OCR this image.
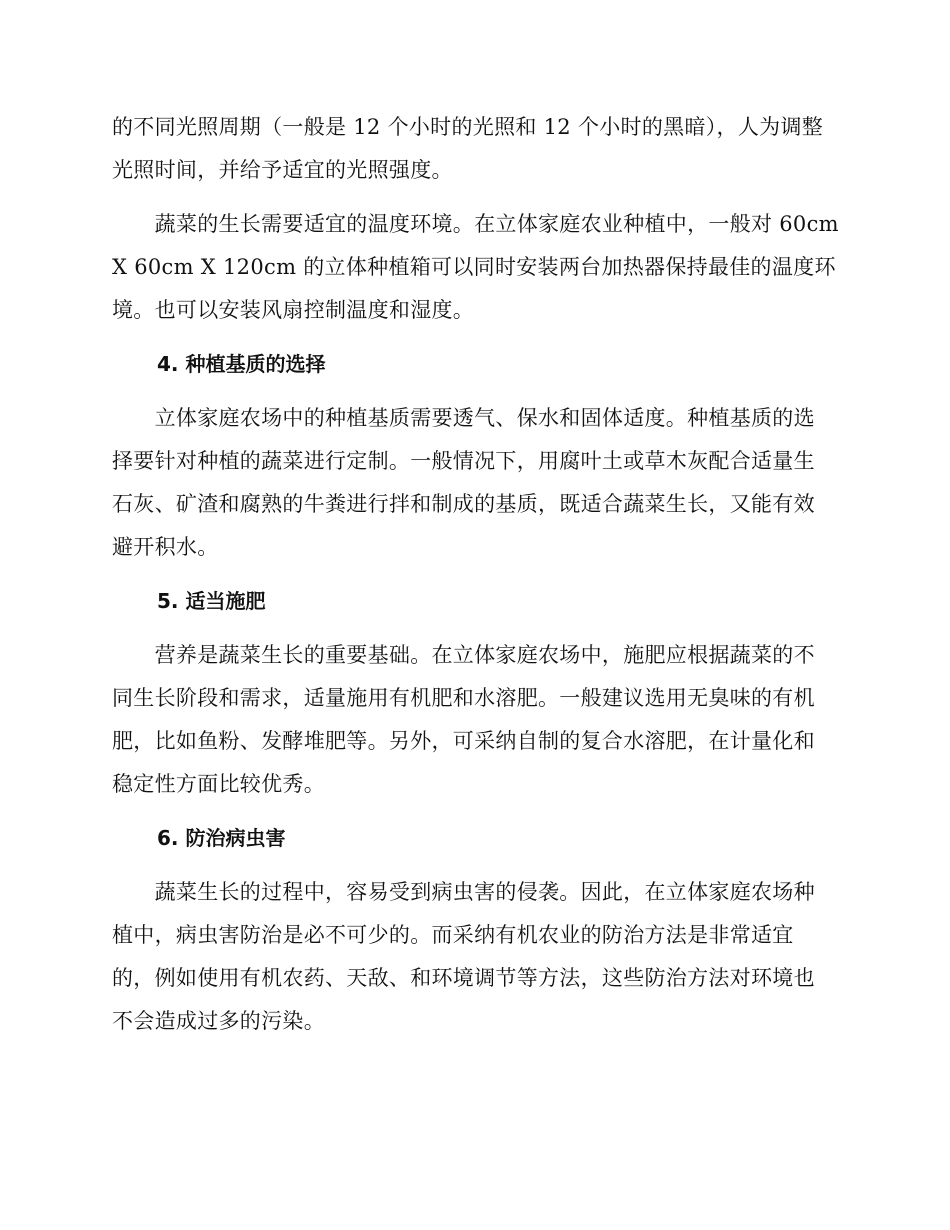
的不同光照周期（一般是 12 个小时的光照和 12 个小时的黑暗），人为调整
光照时间，并给予适宜的光照强度。
　　蔬菜的生长需要适宜的温度环境。在立体家庭农业种植中，一般对 60cm
X 60cm X 120cm 的立体种植箱可以同时安装两台加热器保持最佳的温度环
境。也可以安装风扇控制温度和湿度。
4. 种植基质的选择
　　立体家庭农场中的种植基质需要透气、保水和固体适度。种植基质的选
择要针对种植的蔬菜进行定制。一般情况下，用腐叶土或草木灰配合适量生
石灰、矿渣和腐熟的牛粪进行拌和制成的基质，既适合蔬菜生长，又能有效
避开积水。
5. 适当施肥
　　营养是蔬菜生长的重要基础。在立体家庭农场中，施肥应根据蔬菜的不
同生长阶段和需求，适量施用有机肥和水溶肥。一般建议选用无臭味的有机
肥，比如鱼粉、发酵堆肥等。另外，可采纳自制的复合水溶肥，在计量化和
稳定性方面比较优秀。
6. 防治病虫害
　　蔬菜生长的过程中，容易受到病虫害的侵袭。因此，在立体家庭农场种
植中，病虫害防治是必不可少的。而采纳有机农业的防治方法是非常适宜
的，例如使用有机农药、天敌、和环境调节等方法，这些防治方法对环境也
不会造成过多的污染。
